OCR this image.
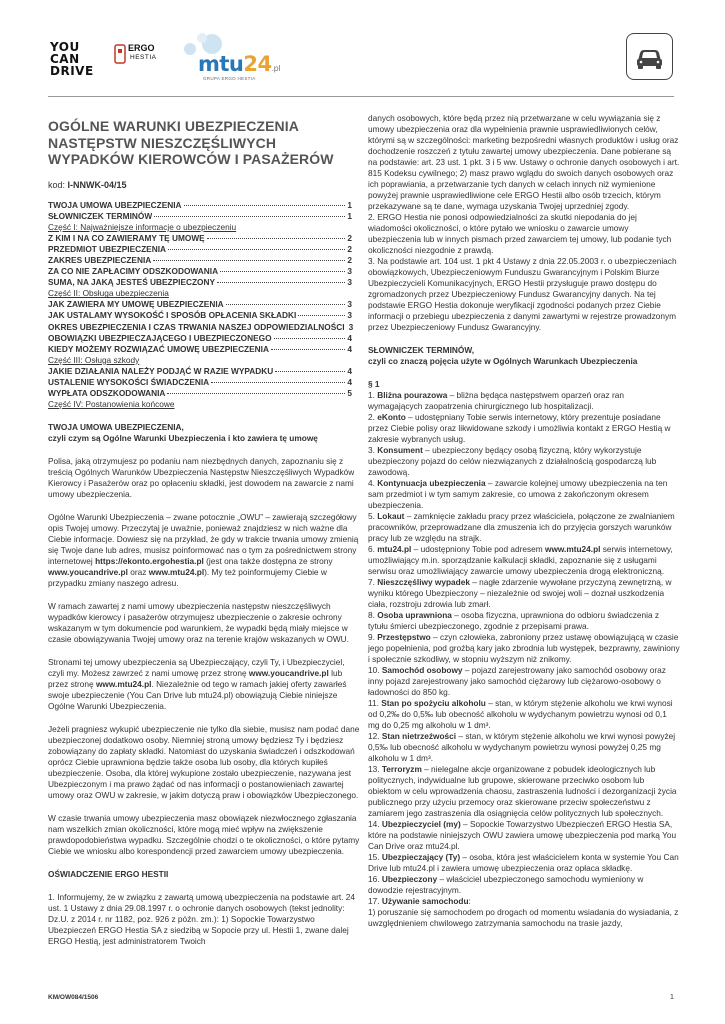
YOU
CAN
DRIVE
ERGO
HESTIA mtu24.pl
GRUPA ERGO HESTIA
OGÓLNE WARUNKI UBEZPIECZENIA NASTĘPSTW NIESZCZĘŚLIWYCH WYPADKÓW KIEROWCÓW I PASAŻERÓW
kod: I-NNWK-04/15
TWOJA UMOWA UBEZPIECZENIA	1
SŁOWNICZEK TERMINÓW	1
Część I: Najważniejsze informacje o ubezpieczeniu
Z KIM I NA CO ZAWIERAMY TĘ UMOWĘ	2
PRZEDMIOT UBEZPIECZENIA	2
ZAKRES UBEZPIECZENIA	2
ZA CO NIE ZAPŁACIMY ODSZKODOWANIA	3
SUMA, NA JAKĄ JESTEŚ UBEZPIECZONY	3
Część II: Obsługa ubezpieczenia
JAK ZAWIERA MY UMOWĘ UBEZPIECZENIA	3
JAK USTALAMY WYSOKOŚĆ I SPOSÓB OPŁACENIA SKŁADKI	3
OKRES UBEZPIECZENIA I CZAS TRWANIA NASZEJ ODPOWIEDZIALNOŚCI 3
OBOWIĄZKI UBEZPIECZAJĄCEGO I UBEZPIECZONEGO	4
KIEDY MOŻEMY ROZWIĄZAĆ UMOWĘ UBEZPIECZENIA	4
Część III: Osługa szkody
JAKIE DZIAŁANIA NALEŻY PODJĄĆ W RAZIE WYPADKU	4
USTALENIE WYSOKOŚCI ŚWIADCZENIA	4
WYPŁATA ODSZKODOWANIA	5
Część IV: Postanowienia końcowe
TWOJA UMOWA UBEZPIECZENIA,
czyli czym są Ogólne Warunki Ubezpieczenia i kto zawiera tę umowę
Polisa, jaką otrzymujesz po podaniu nam niezbędnych danych, zapoznaniu się z treścią Ogólnych Warunków Ubezpieczenia Następstw Nieszczęśliwych Wypadków Kierowcy i Pasażerów oraz po opłaceniu składki, jest dowodem na zawarcie z nami umowy ubezpieczenia.
Ogólne Warunki Ubezpieczenia – zwane potocznie „OWU” – zawierają szczegółowy opis Twojej umowy. Przeczytaj je uważnie, ponieważ znajdziesz w nich ważne dla Ciebie informacje. Dowiesz się na przykład, że gdy w trakcie trwania umowy zmienią się Twoje dane lub adres, musisz poinformować nas o tym za pośrednictwem strony internetowej https://ekonto.ergohestia.pl (jest ona także dostępna ze strony www.youcandrive.pl oraz www.mtu24.pl). My też poinformujemy Ciebie w przypadku zmiany naszego adresu.
W ramach zawartej z nami umowy ubezpieczenia następstw nieszczęśliwych wypadków kierowcy i pasażerów otrzymujesz ubezpieczenie o zakresie ochrony wskazanym w tym dokumencie pod warunkiem, że wypadki będą miały miejsce w czasie obowiązywania Twojej umowy oraz na terenie krajów wskazanych w OWU.
Stronami tej umowy ubezpieczenia są Ubezpieczający, czyli Ty, i Ubezpieczyciel, czyli my. Możesz zawrzeć z nami umowę przez stronę www.youcandrive.pl lub przez stronę www.mtu24.pl. Niezależnie od tego w ramach jakiej oferty zawarłeś swoje ubezpieczenie (You Can Drive lub mtu24.pl) obowiązują Ciebie niniejsze Ogólne Warunki Ubezpieczenia.
Jeżeli pragniesz wykupić ubezpieczenie nie tylko dla siebie, musisz nam podać dane ubezpieczonej dodatkowo osoby. Niemniej stroną umowy będziesz Ty i będziesz zobowiązany do zapłaty składki. Natomiast do uzyskania świadczeń i odszkodowań oprócz Ciebie uprawniona będzie także osoba lub osoby, dla których kupiłeś ubezpieczenie. Osoba, dla której wykupione zostało ubezpieczenie, nazywana jest Ubezpieczonym i ma prawo żądać od nas informacji o postanowieniach zawartej umowy oraz OWU w zakresie, w jakim dotyczą praw i obowiązków Ubezpieczonego.
W czasie trwania umowy ubezpieczenia masz obowiązek niezwłocznego zgłaszania nam wszelkich zmian okoliczności, które mogą mieć wpływ na zwiększenie prawdopodobieństwa wypadku. Szczególnie chodzi o te okoliczności, o które pytamy Ciebie we wniosku albo korespondencji przed zawarciem umowy ubezpieczenia.
OŚWIADCZENIE ERGO HESTII
1. Informujemy, że w związku z zawartą umową ubezpieczenia na podstawie art. 24 ust. 1 Ustawy z dnia 29.08.1997 r. o ochronie danych osobowych (tekst jednolity: Dz.U. z 2014 r. nr 1182, poz. 926 z późn. zm.): 1) Sopockie Towarzystwo Ubezpieczeń ERGO Hestia SA z siedzibą w Sopocie przy ul. Hestii 1, zwane dalej ERGO Hestią, jest administratorem Twoich
danych osobowych, które będą przez nią przetwarzane w celu wywiązania się z umowy ubezpieczenia oraz dla wypełnienia prawnie usprawiedliwionych celów, którymi są w szczególności: marketing bezpośredni własnych produktów i usług oraz dochodzenie roszczeń z tytułu zawartej umowy ubezpieczenia. Dane pobierane są na podstawie: art. 23 ust. 1 pkt. 3 i 5 ww. Ustawy o ochronie danych osobowych i art. 815 Kodeksu cywilnego; 2) masz prawo wglądu do swoich danych osobowych oraz ich poprawiania, a przetwarzanie tych danych w celach innych niż wymienione powyżej prawnie usprawiedliwione cele ERGO Hestii albo osób trzecich, którym przekazywane są te dane, wymaga uzyskania Twojej uprzedniej zgody.
2. ERGO Hestia nie ponosi odpowiedzialności za skutki niepodania do jej wiadomości okoliczności, o które pytało we wniosku o zawarcie umowy ubezpieczenia lub w innych pismach przed zawarciem tej umowy, lub podanie tych okoliczności niezgodnie z prawdą.
3. Na podstawie art. 104 ust. 1 pkt 4 Ustawy z dnia 22.05.2003 r. o ubezpieczeniach obowiązkowych, Ubezpieczeniowym Funduszu Gwarancyjnym i Polskim Biurze Ubezpieczycieli Komunikacyjnych, ERGO Hestii przysługuje prawo dostępu do zgromadzonych przez Ubezpieczeniowy Fundusz Gwarancyjny danych. Na tej podstawie ERGO Hestia dokonuje weryfikacji zgodności podanych przez Ciebie informacji o przebiegu ubezpieczenia z danymi zawartymi w rejestrze prowadzonym przez Ubezpieczeniowy Fundusz Gwarancyjny.
SŁOWNICZEK TERMINÓW,
czyli co znaczą pojęcia użyte w Ogólnych Warunkach Ubezpieczenia
§ 1
1. Bliżna pourazowa – bliżna będąca następstwem oparzeń oraz ran wymagających zaopatrzenia chirurgicznego lub hospitalizacji.
2. eKonto – udostępniany Tobie serwis internetowy, który prezentuje posiadane przez Ciebie polisy oraz likwidowane szkody i umożliwia kontakt z ERGO Hestią w zakresie wybranych usług.
3. Konsument – ubezpieczony będący osobą fizyczną, który wykorzystuje ubezpieczony pojazd do celów niezwiązanych z działalnością gospodarczą lub zawodową.
4. Kontynuacja ubezpieczenia – zawarcie kolejnej umowy ubezpieczenia na ten sam przedmiot i w tym samym zakresie, co umowa z zakończonym okresem ubezpieczenia.
5. Lokaut – zamknięcie zakładu pracy przez właściciela, połączone ze zwalnianiem pracowników, przeprowadzane dla zmuszenia ich do przyjęcia gorszych warunków pracy lub ze względu na strajk.
6. mtu24.pl – udostępniony Tobie pod adresem www.mtu24.pl serwis internetowy, umożliwiający m.in. sporządzanie kalkulacji składki, zapoznanie się z usługami serwisu oraz umożliwiający zawarcie umowy ubezpieczenia drogą elektroniczną.
7. Nieszczęśliwy wypadek – nagłe zdarzenie wywołane przyczyną zewnętrzną, w wyniku którego Ubezpieczony – niezależnie od swojej woli – doznał uszkodzenia ciała, rozstroju zdrowia lub zmarł.
8. Osoba uprawniona – osoba fizyczna, uprawniona do odbioru świadczenia z tytułu śmierci ubezpieczonego, zgodnie z przepisami prawa.
9. Przestępstwo – czyn człowieka, zabroniony przez ustawę obowiązującą w czasie jego popełnienia, pod groźbą kary jako zbrodnia lub występek, bezprawny, zawiniony i społecznie szkodliwy, w stopniu wyższym niż znikomy.
10. Samochód osobowy – pojazd zarejestrowany jako samochód osobowy oraz inny pojazd zarejestrowany jako samochód ciężarowy lub ciężarowo-osobowy o ładowności do 850 kg.
11. Stan po spożyciu alkoholu – stan, w którym stężenie alkoholu we krwi wynosi od 0,2‰ do 0,5‰ lub obecność alkoholu w wydychanym powietrzu wynosi od 0,1 mg do 0,25 mg alkoholu w 1 dm³.
12. Stan nietrzeźwości – stan, w którym stężenie alkoholu we krwi wynosi powyżej 0,5‰ lub obecność alkoholu w wydychanym powietrzu wynosi powyżej 0,25 mg alkoholu w 1 dm³.
13. Terroryzm – nielegalne akcje organizowane z pobudek ideologicznych lub politycznych, indywidualne lub grupowe, skierowane przeciwko osobom lub obiektom w celu wprowadzenia chaosu, zastraszenia ludności i dezorganizacji życia publicznego przy użyciu przemocy oraz skierowane przeciw społeczeństwu z zamiarem jego zastraszenia dla osiągnięcia celów politycznych lub społecznych.
14. Ubezpieczyciel (my) – Sopockie Towarzystwo Ubezpieczeń ERGO Hestia SA, które na podstawie niniejszych OWU zawiera umowę ubezpieczenia pod marką You Can Drive oraz mtu24.pl.
15. Ubezpieczający (Ty) – osoba, która jest właścicielem konta w systemie You Can Drive lub mtu24.pl i zawiera umowę ubezpieczenia oraz opłaca składkę.
16. Ubezpieczony – właściciel ubezpieczonego samochodu wymieniony w dowodzie rejestracyjnym.
17. Używanie samochodu:
1) poruszanie się samochodem po drogach od momentu wsiadania do wysiadania, z uwzględnieniem chwilowego zatrzymania samochodu na trasie jazdy,
KM/OW084/1506	1
